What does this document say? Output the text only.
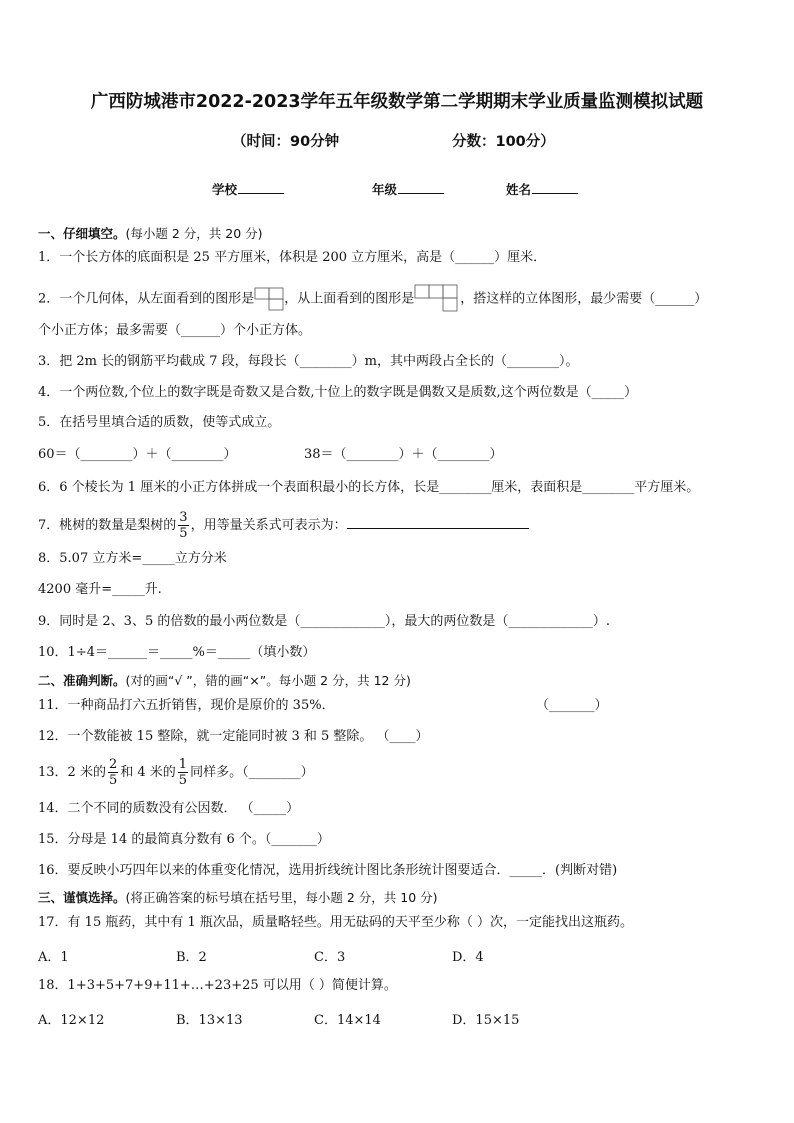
广西防城港市2022-2023学年五年级数学第二学期期末学业质量监测模拟试题
（时间：90分钟	分数：100分）
学校	年级	姓名
一、仔细填空。(每小题 2 分，共 20 分)
1．一个长方体的底面积是 25 平方厘米，体积是 200 立方厘米，高是（______）厘米．
2．一个几何体，从左面看到的图形是 ，从上面看到的图形是	，搭这样的立体图形，最少需要（______）
个小正方体；最多需要（______）个小正方体。
3．把 2m 长的钢筋平均截成 7 段，每段长（________）m，其中两段占全长的（________）。
4．一个两位数,个位上的数字既是奇数又是合数,十位上的数字既是偶数又是质数,这个两位数是（_____）
5．在括号里填合适的质数，使等式成立。
60＝（________）＋（________）	38＝（________）＋（________）
6．6 个棱长为 1 厘米的小正方体拼成一个表面积最小的长方体，长是________厘米，表面积是________平方厘米。
7．桃树的数量是梨树的 $\frac{3}{5}$ ，用等量关系式可表示为：
8．5.07 立方米=_____立方分米
4200 毫升=_____升.
9．同时是 2、3、5 的倍数的最小两位数是（_____________），最大的两位数是（_____________）.
10．1÷4＝______＝_____%＝_____（填小数）
二、准确判断。(对的画“√ ”，错的画“×”。每小题 2 分，共 12 分)
11．一种商品打六五折销售，现价是原价的 35%．	（_______）
12．一个数能被 15 整除，就一定能同时被 3 和 5 整除。 （____）
13．2 米的 $\frac{2}{5}$ 和 4 米的 $\frac{1}{5}$ 同样多。（________）
14．二个不同的质数没有公因数． （_____）
15．分母是 14 的最简真分数有 6 个。（_______）
16．要反映小巧四年以来的体重变化情况，选用折线统计图比条形统计图要适合．_____．(判断对错)
三、谨慎选择。(将正确答案的标号填在括号里，每小题 2 分，共 10 分)
17．有 15 瓶药，其中有 1 瓶次品，质量略轻些。用无砝码的天平至少称（ ）次，一定能找出这瓶药。
A．1	B．2	C．3	D．4
18．1+3+5+7+9+11+…+23+25 可以用（ ）简便计算。
A．12×12	B．13×13	C．14×14	D．15×15
